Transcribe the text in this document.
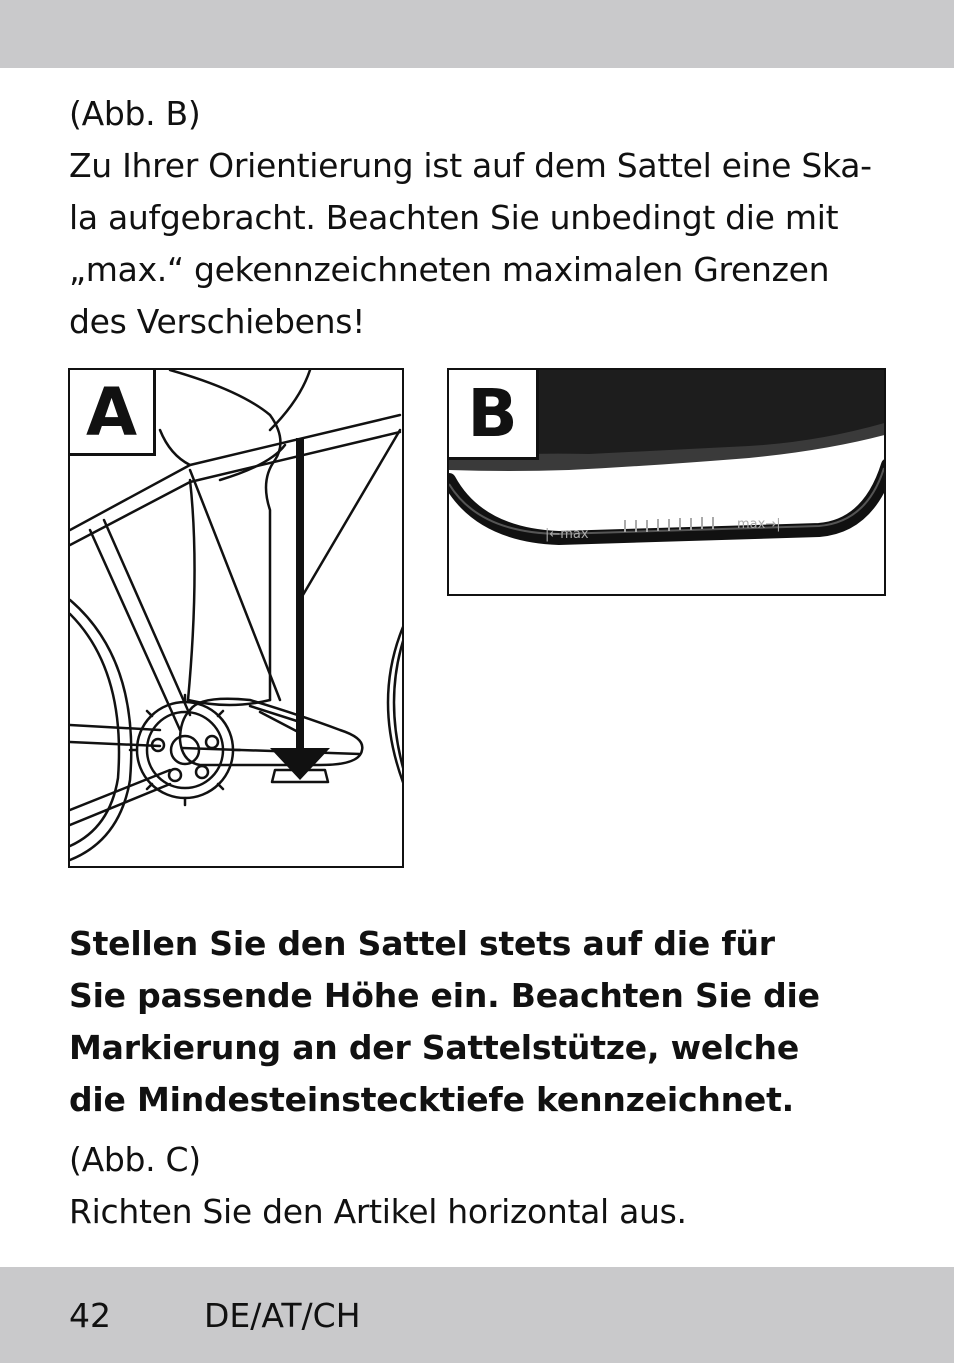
(Abb. B)
Zu Ihrer Orientierung ist auf dem Sattel eine Ska-
la aufgebracht. Beachten Sie unbedingt die mit
„max.“ gekennzeichneten maximalen Grenzen
des Verschiebens!
A
|←max
max→|
B
Stellen Sie den Sattel stets auf die für
Sie passende Höhe ein. Beachten Sie die
Markierung an der Sattelstütze, welche
die Mindesteinstecktiefe kennzeichnet.
(Abb. C)
Richten Sie den Artikel horizontal aus.
42	DE/AT/CH
